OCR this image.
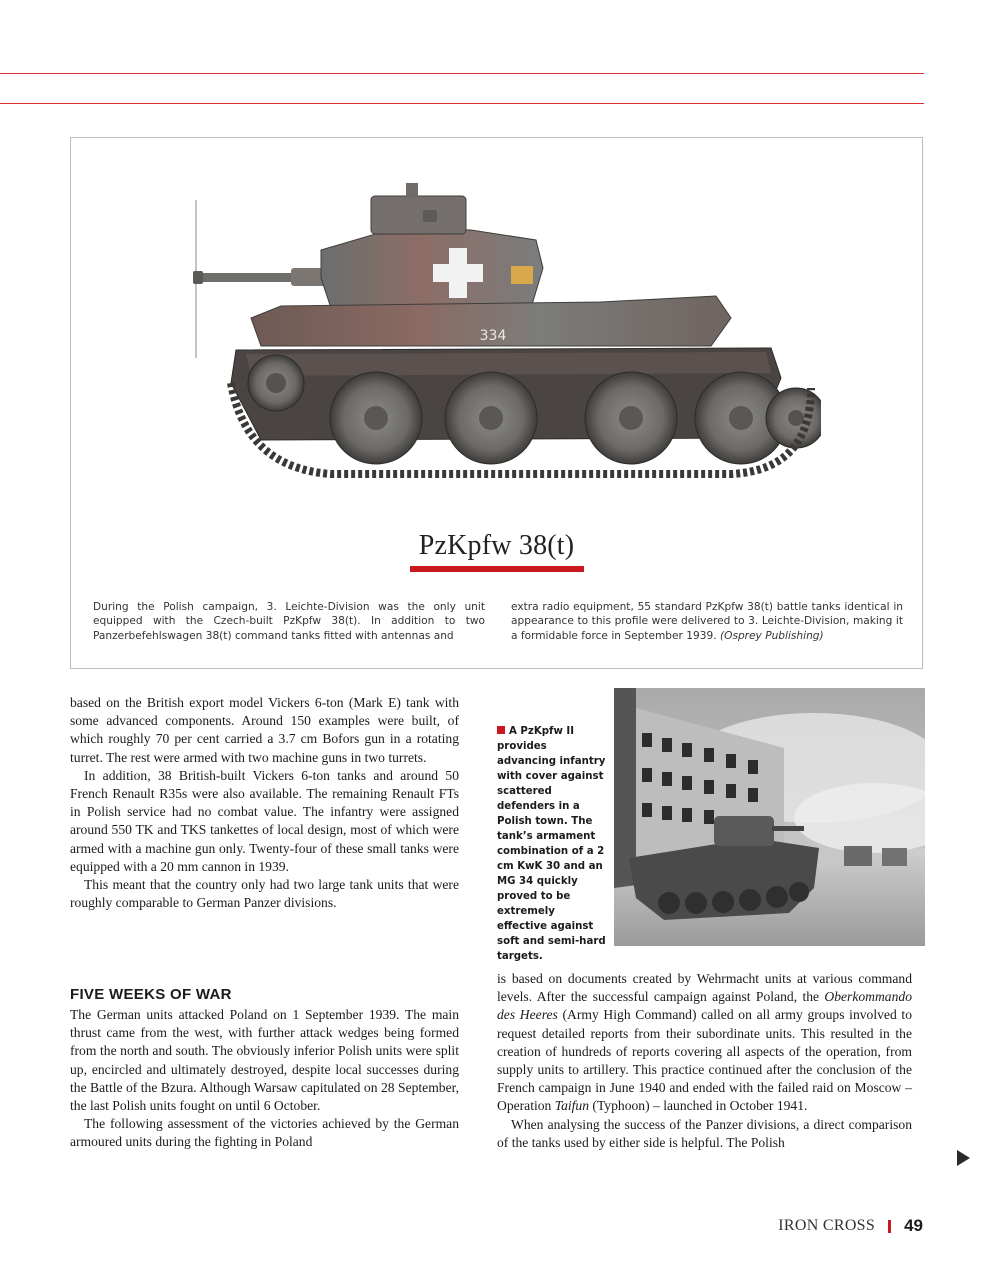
334
PzKpfw 38(t)
During the Polish campaign, 3. Leichte-Division was the only unit equipped with the Czech-built PzKpfw 38(t). In addition to two Panzerbefehlswagen 38(t) command tanks fitted with antennas and
extra radio equipment, 55 standard PzKpfw 38(t) battle tanks identical in appearance to this profile were delivered to 3. Leichte-Division, making it a formidable force in September 1939. (Osprey Publishing)

based on the British export model Vickers 6-ton (Mark E) tank with some advanced components. Around 150 examples were built, of which roughly 70 per cent carried a 3.7 cm Bofors gun in a rotating turret. The rest were armed with two machine guns in two turrets.

In addition, 38 British-built Vickers 6-ton tanks and around 50 French Renault R35s were also available. The remaining Renault FTs in Polish service had no combat value. The infantry were assigned around 550 TK and TKS tankettes of local design, most of which were armed with a machine gun only. Twenty-four of these small tanks were equipped with a 20 mm cannon in 1939.

This meant that the country only had two large tank units that were roughly comparable to German Panzer divisions.

FIVE WEEKS OF WAR

The German units attacked Poland on 1 September 1939. The main thrust came from the west, with further attack wedges being formed from the north and south. The obviously inferior Polish units were split up, encircled and ultimately destroyed, despite local successes during the Battle of the Bzura. Although Warsaw capitulated on 28 September, the last Polish units fought on until 6 October.

The following assessment of the victories achieved by the German armoured units during the fighting in Poland

A PzKpfw II provides advancing infantry with cover against scattered defenders in a Polish town. The tank’s armament combination of a 2 cm KwK 30 and an MG 34 quickly proved to be extremely effective against soft and semi-hard targets.

is based on documents created by Wehrmacht units at various command levels. After the successful campaign against Poland, the Oberkommando des Heeres (Army High Command) called on all army groups involved to request detailed reports from their subordinate units. This resulted in the creation of hundreds of reports covering all aspects of the operation, from supply units to artillery. This practice continued after the conclusion of the French campaign in June 1940 and ended with the failed raid on Moscow – Operation Taifun (Typhoon) – launched in October 1941.

When analysing the success of the Panzer divisions, a direct comparison of the tanks used by either side is helpful. The Polish

IRON CROSS 49
